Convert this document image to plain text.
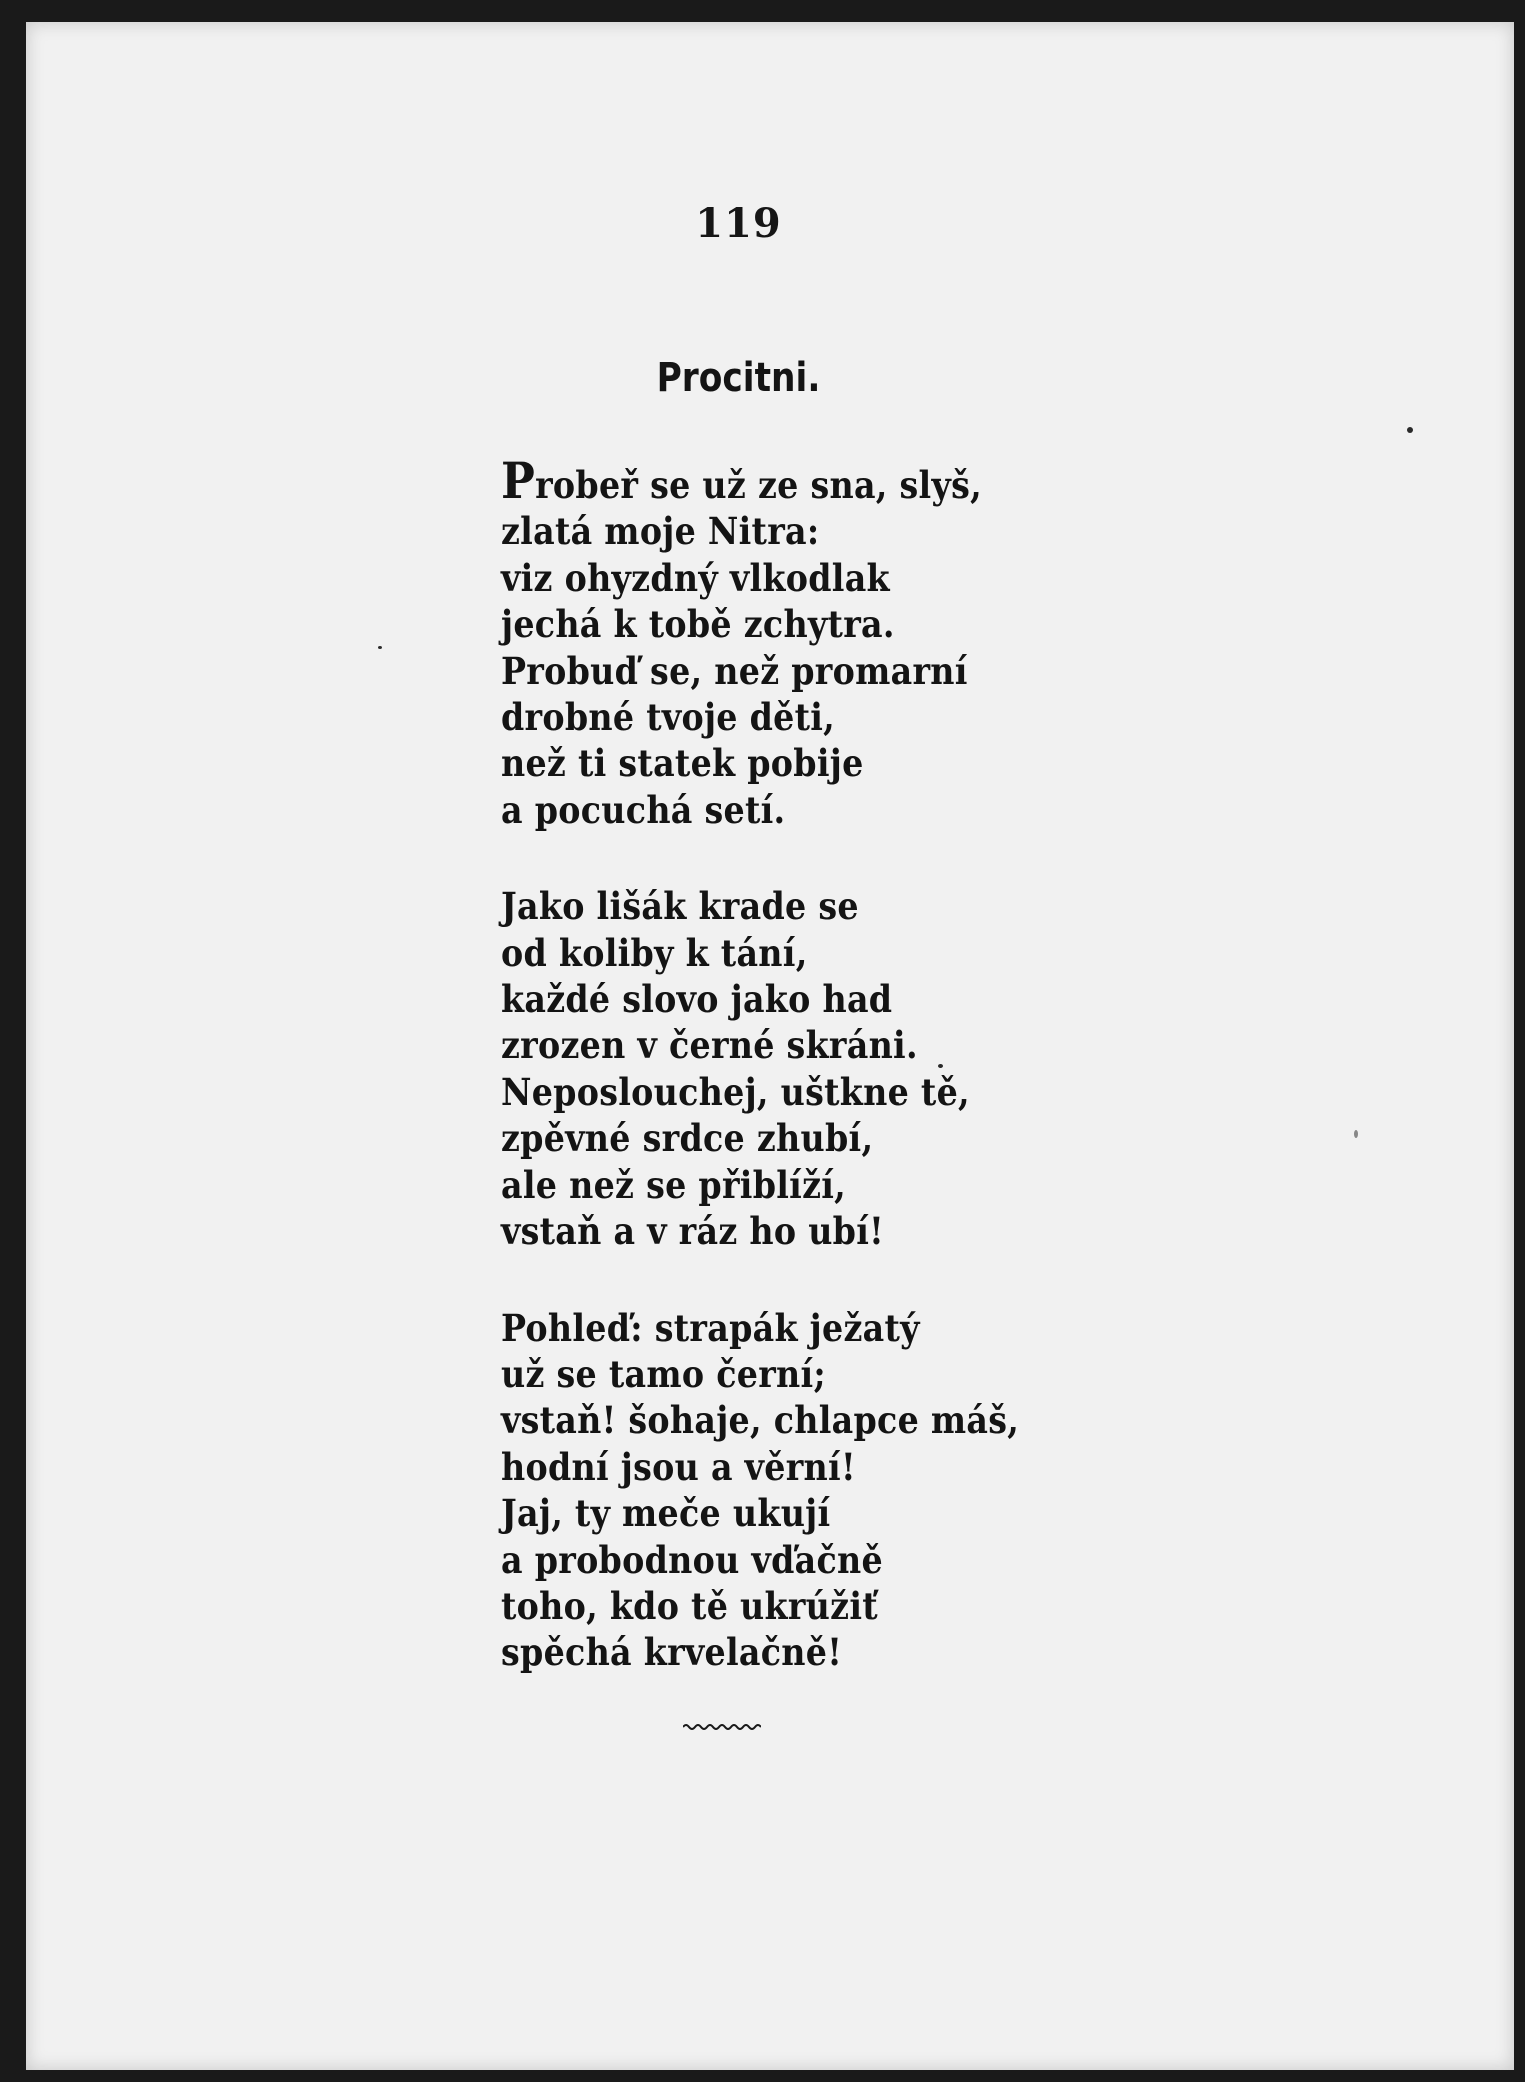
119
Procitni.
Probeř se už ze sna, slyš,
zlatá moje Nitra:
viz ohyzdný vlkodlak
jechá k tobě zchytra.
Probuď se, než promarní
drobné tvoje děti,
než ti statek pobije
a pocuchá setí.
Jako lišák krade se
od koliby k tání,
každé slovo jako had
zrozen v černé skráni.
Neposlouchej, uštkne tě,
zpěvné srdce zhubí,
ale než se přiblíží,
vstaň a v ráz ho ubí!
Pohleď: strapák ježatý
už se tamo černí;
vstaň! šohaje, chlapce máš,
hodní jsou a věrní!
Jaj, ty meče ukují
a probodnou vďačně
toho, kdo tě ukrúžiť
spěchá krvelačně!
